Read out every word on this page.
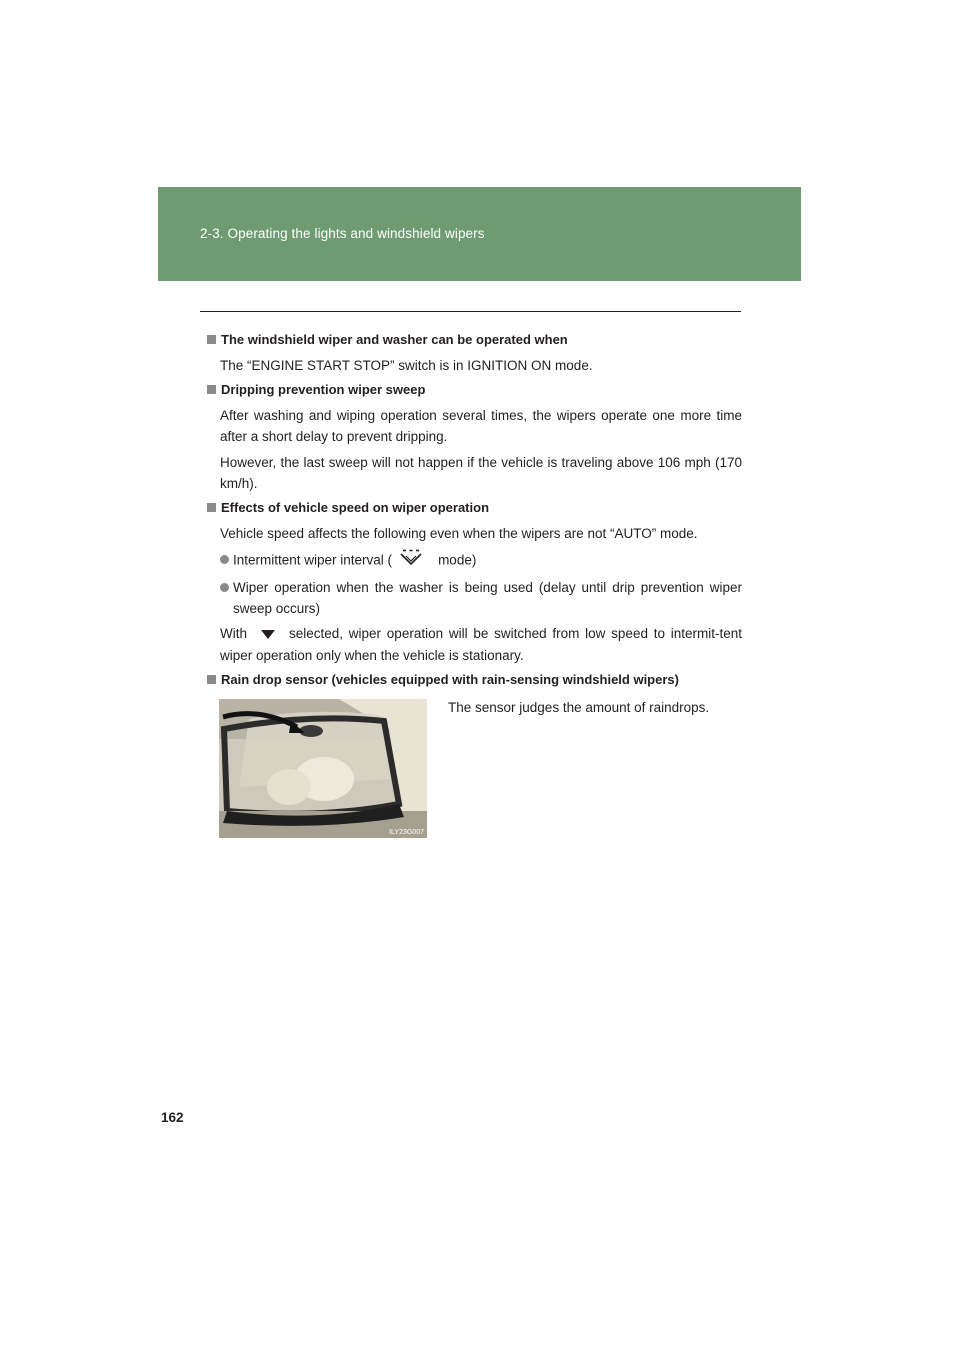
2-3. Operating the lights and windshield wipers
The windshield wiper and washer can be operated when
The “ENGINE START STOP” switch is in IGNITION ON mode.
Dripping prevention wiper sweep
After washing and wiping operation several times, the wipers operate one more time after a short delay to prevent dripping.
However, the last sweep will not happen if the vehicle is traveling above 106 mph (170 km/h).
Effects of vehicle speed on wiper operation
Vehicle speed affects the following even when the wipers are not “AUTO” mode.
Intermittent wiper interval (	mode)
Wiper operation when the washer is being used (delay until drip prevention wiper sweep occurs)
With	selected, wiper operation will be switched from low speed to intermit-tent wiper operation only when the vehicle is stationary.
Rain drop sensor (vehicles equipped with rain-sensing windshield wipers)
ILY23G007
The sensor judges the amount of raindrops.
162
